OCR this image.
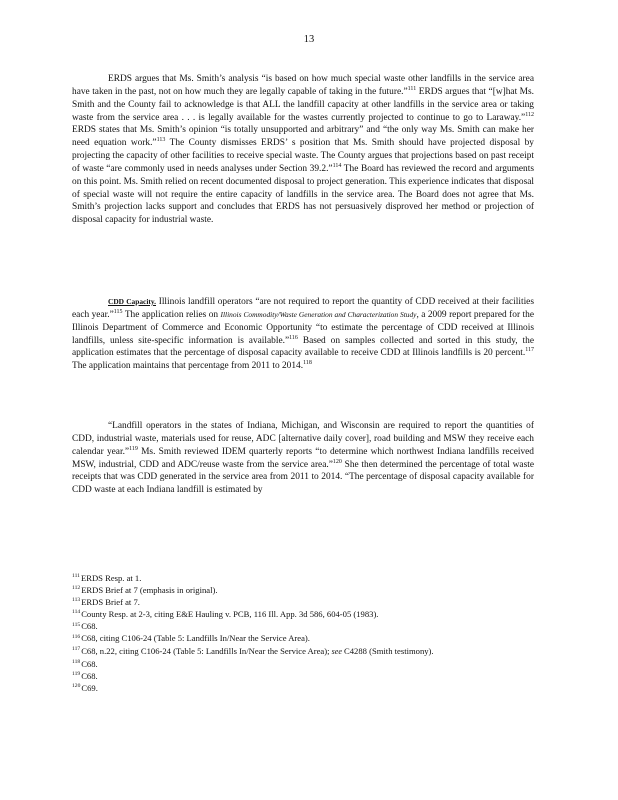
13

ERDS argues that Ms. Smith’s analysis “is based on how much special waste other landfills in the service area have taken in the past, not on how much they are legally capable of taking in the future.”$^{111}$ ERDS argues that “[w]hat Ms. Smith and the County fail to acknowledge is that ALL the landfill capacity at other landfills in the service area or taking waste from the service area . . . is legally available for the wastes currently projected to continue to go to Laraway.”$^{112}$ ERDS states that Ms. Smith’s opinion “is totally unsupported and arbitrary” and “the only way Ms. Smith can make her need equation work.”$^{113}$ The County dismisses ERDS’ s position that Ms. Smith should have projected disposal by projecting the capacity of other facilities to receive special waste. The County argues that projections based on past receipt of waste “are commonly used in needs analyses under Section 39.2.”$^{114}$ The Board has reviewed the record and arguments on this point. Ms. Smith relied on recent documented disposal to project generation. This experience indicates that disposal of special waste will not require the entire capacity of landfills in the service area. The Board does not agree that Ms. Smith’s projection lacks support and concludes that ERDS has not persuasively disproved her method or projection of disposal capacity for industrial waste.

CDD Capacity. Illinois landfill operators “are not required to report the quantity of CDD received at their facilities each year.”$^{115}$ The application relies on Illinois Commodity/Waste Generation and Characterization Study, a 2009 report prepared for the Illinois Department of Commerce and Economic Opportunity “to estimate the percentage of CDD received at Illinois landfills, unless site-specific information is available.”$^{116}$ Based on samples collected and sorted in this study, the application estimates that the percentage of disposal capacity available to receive CDD at Illinois landfills is 20 percent.$^{117}$ The application maintains that percentage from 2011 to 2014.$^{118}$

“Landfill operators in the states of Indiana, Michigan, and Wisconsin are required to report the quantities of CDD, industrial waste, materials used for reuse, ADC [alternative daily cover], road building and MSW they receive each calendar year.”$^{119}$ Ms. Smith reviewed IDEM quarterly reports “to determine which northwest Indiana landfills received MSW, industrial, CDD and ADC/reuse waste from the service area.”$^{120}$ She then determined the percentage of total waste receipts that was CDD generated in the service area from 2011 to 2014. “The percentage of disposal capacity available for CDD waste at each Indiana landfill is estimated by

$^{111}$ERDS Resp. at 1.

$^{112}$ERDS Brief at 7 (emphasis in original).

$^{113}$ERDS Brief at 7.

$^{114}$County Resp. at 2-3, citing E&E Hauling v. PCB, 116 Ill. App. 3d 586, 604-05 (1983).

$^{115}$C68.

$^{116}$C68, citing C106-24 (Table 5: Landfills In/Near the Service Area).

$^{117}$C68, n.22, citing C106-24 (Table 5: Landfills In/Near the Service Area); see C4288 (Smith testimony).

$^{118}$C68.

$^{119}$C68.

$^{120}$C69.
